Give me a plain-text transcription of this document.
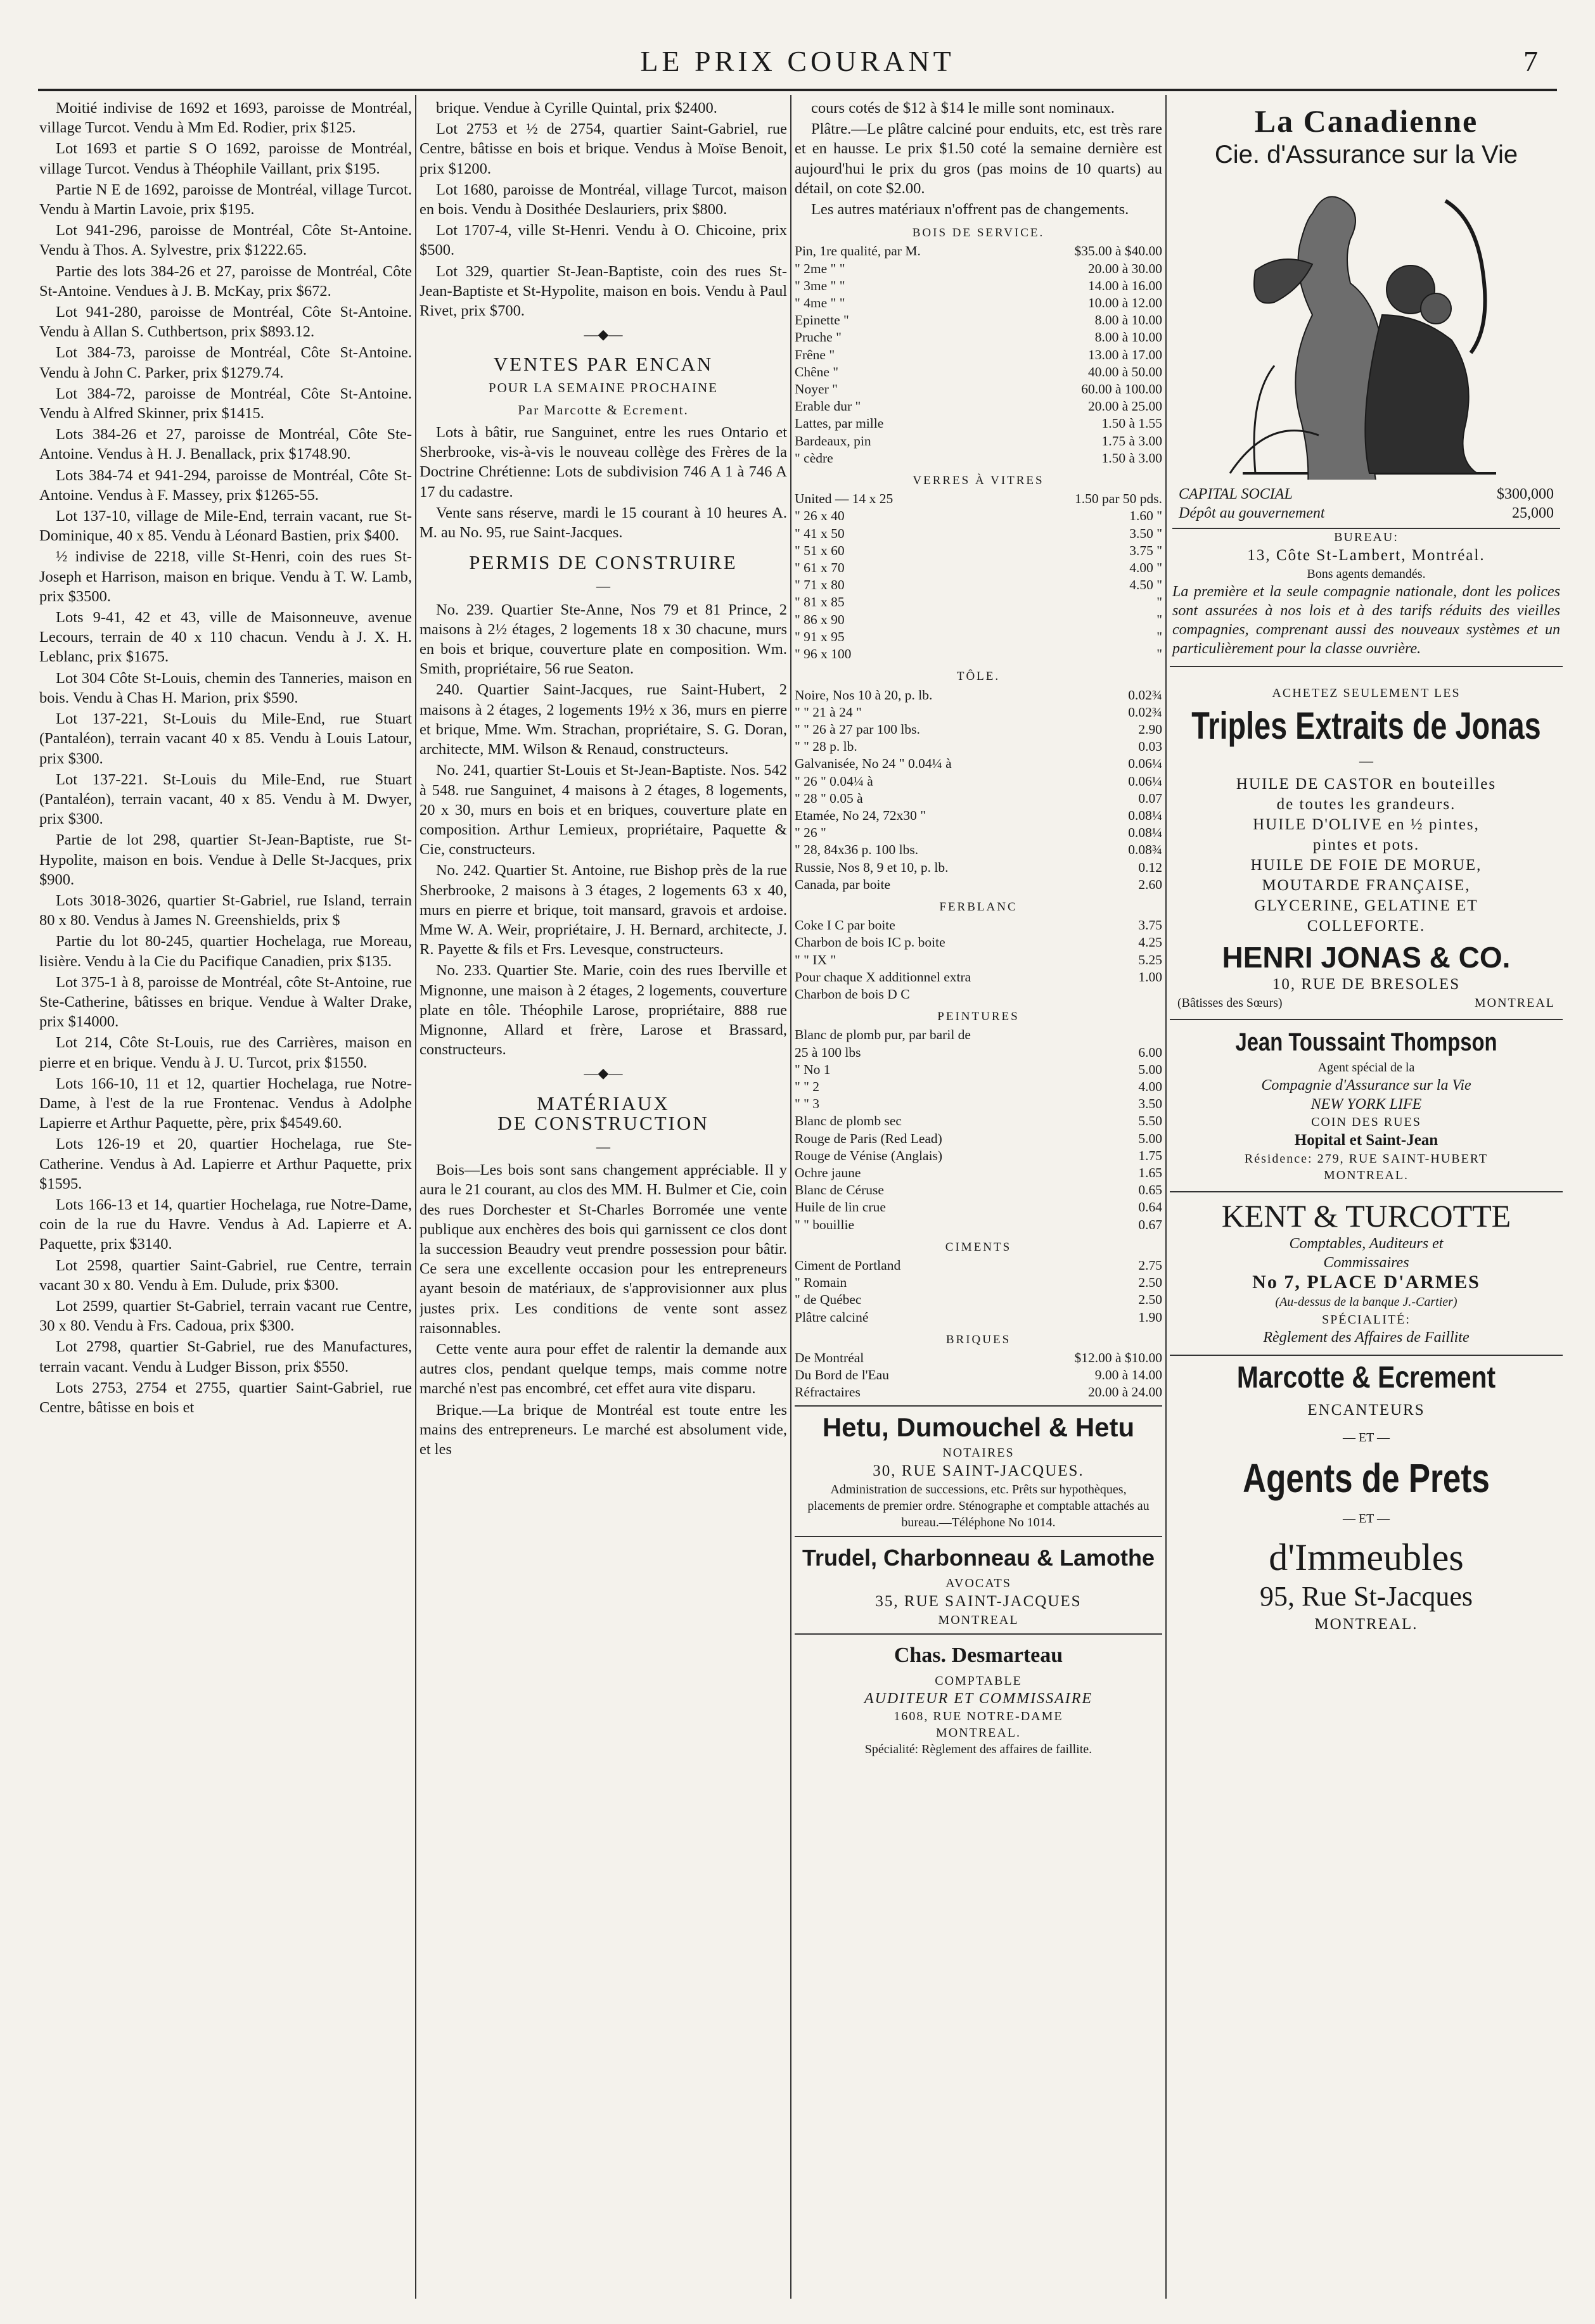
LE PRIX COURANT	7

Moitié indivise de 1692 et 1693, paroisse de Montréal, village Turcot. Vendu à Mm Ed. Rodier, prix $125.

Lot 1693 et partie S O 1692, paroisse de Montréal, village Turcot. Vendus à Théophile Vaillant, prix $195.

Partie N E de 1692, paroisse de Montréal, village Turcot. Vendu à Martin Lavoie, prix $195.

Lot 941-296, paroisse de Montréal, Côte St-Antoine. Vendu à Thos. A. Sylvestre, prix $1222.65.

Partie des lots 384-26 et 27, paroisse de Montréal, Côte St-Antoine. Vendues à J. B. McKay, prix $672.

Lot 941-280, paroisse de Montréal, Côte St-Antoine. Vendu à Allan S. Cuthbertson, prix $893.12.

Lot 384-73, paroisse de Montréal, Côte St-Antoine. Vendu à John C. Parker, prix $1279.74.

Lot 384-72, paroisse de Montréal, Côte St-Antoine. Vendu à Alfred Skinner, prix $1415.

Lots 384-26 et 27, paroisse de Montréal, Côte Ste-Antoine. Vendus à H. J. Benallack, prix $1748.90.

Lots 384-74 et 941-294, paroisse de Montréal, Côte St-Antoine. Vendus à F. Massey, prix $1265-55.

Lot 137-10, village de Mile-End, terrain vacant, rue St-Dominique, 40 x 85. Vendu à Léonard Bastien, prix $400.

½ indivise de 2218, ville St-Henri, coin des rues St-Joseph et Harrison, maison en brique. Vendu à T. W. Lamb, prix $3500.

Lots 9-41, 42 et 43, ville de Maisonneuve, avenue Lecours, terrain de 40 x 110 chacun. Vendu à J. X. H. Leblanc, prix $1675.

Lot 304 Côte St-Louis, chemin des Tanneries, maison en bois. Vendu à Chas H. Marion, prix $590.

Lot 137-221, St-Louis du Mile-End, rue Stuart (Pantaléon), terrain vacant 40 x 85. Vendu à Louis Latour, prix $300.

Lot 137-221. St-Louis du Mile-End, rue Stuart (Pantaléon), terrain vacant, 40 x 85. Vendu à M. Dwyer, prix $300.

Partie de lot 298, quartier St-Jean-Baptiste, rue St-Hypolite, maison en bois. Vendue à Delle St-Jacques, prix $900.

Lots 3018-3026, quartier St-Gabriel, rue Island, terrain 80 x 80. Vendus à James N. Greenshields, prix $

Partie du lot 80-245, quartier Hochelaga, rue Moreau, lisière. Vendu à la Cie du Pacifique Canadien, prix $135.

Lot 375-1 à 8, paroisse de Montréal, côte St-Antoine, rue Ste-Catherine, bâtisses en brique. Vendue à Walter Drake, prix $14000.

Lot 214, Côte St-Louis, rue des Carrières, maison en pierre et en brique. Vendu à J. U. Turcot, prix $1550.

Lots 166-10, 11 et 12, quartier Hochelaga, rue Notre-Dame, à l'est de la rue Frontenac. Vendus à Adolphe Lapierre et Arthur Paquette, père, prix $4549.60.

Lots 126-19 et 20, quartier Hochelaga, rue Ste-Catherine. Vendus à Ad. Lapierre et Arthur Paquette, prix $1595.

Lots 166-13 et 14, quartier Hochelaga, rue Notre-Dame, coin de la rue du Havre. Vendus à Ad. Lapierre et A. Paquette, prix $3140.

Lot 2598, quartier Saint-Gabriel, rue Centre, terrain vacant 30 x 80. Vendu à Em. Dulude, prix $300.

Lot 2599, quartier St-Gabriel, terrain vacant rue Centre, 30 x 80. Vendu à Frs. Cadoua, prix $300.

Lot 2798, quartier St-Gabriel, rue des Manufactures, terrain vacant. Vendu à Ludger Bisson, prix $550.

Lots 2753, 2754 et 2755, quartier Saint-Gabriel, rue Centre, bâtisse en bois et

brique. Vendue à Cyrille Quintal, prix $2400.

Lot 2753 et ½ de 2754, quartier Saint-Gabriel, rue Centre, bâtisse en bois et brique. Vendus à Moïse Benoit, prix $1200.

Lot 1680, paroisse de Montréal, village Turcot, maison en bois. Vendu à Dosithée Deslauriers, prix $800.

Lot 1707-4, ville St-Henri. Vendu à O. Chicoine, prix $500.

Lot 329, quartier St-Jean-Baptiste, coin des rues St-Jean-Baptiste et St-Hypolite, maison en bois. Vendu à Paul Rivet, prix $700.

—◆—
VENTES PAR ENCAN
POUR LA SEMAINE PROCHAINE
Par Marcotte & Ecrement.

Lots à bâtir, rue Sanguinet, entre les rues Ontario et Sherbrooke, vis-à-vis le nouveau collège des Frères de la Doctrine Chrétienne: Lots de subdivision 746 A 1 à 746 A 17 du cadastre.

Vente sans réserve, mardi le 15 courant à 10 heures A. M. au No. 95, rue Saint-Jacques.

PERMIS DE CONSTRUIRE
—

No. 239. Quartier Ste-Anne, Nos 79 et 81 Prince, 2 maisons à 2½ étages, 2 logements 18 x 30 chacune, murs en bois et brique, couverture plate en composition. Wm. Smith, propriétaire, 56 rue Seaton.

240. Quartier Saint-Jacques, rue Saint-Hubert, 2 maisons à 2 étages, 2 logements 19½ x 36, murs en pierre et brique, Mme. Wm. Strachan, propriétaire, S. G. Doran, architecte, MM. Wilson & Renaud, constructeurs.

No. 241, quartier St-Louis et St-Jean-Baptiste. Nos. 542 à 548. rue Sanguinet, 4 maisons à 2 étages, 8 logements, 20 x 30, murs en bois et en briques, couverture plate en composition. Arthur Lemieux, propriétaire, Paquette & Cie, constructeurs.

No. 242. Quartier St. Antoine, rue Bishop près de la rue Sherbrooke, 2 maisons à 3 étages, 2 logements 63 x 40, murs en pierre et brique, toit mansard, gravois et ardoise. Mme W. A. Weir, propriétaire, J. H. Bernard, architecte, J. R. Payette & fils et Frs. Levesque, constructeurs.

No. 233. Quartier Ste. Marie, coin des rues Iberville et Mignonne, une maison à 2 étages, 2 logements, couverture plate en tôle. Théophile Larose, propriétaire, 888 rue Mignonne, Allard et frère, Larose et Brassard, constructeurs.

—◆—
MATÉRIAUX
DE CONSTRUCTION
—

Bois—Les bois sont sans changement appréciable. Il y aura le 21 courant, au clos des MM. H. Bulmer et Cie, coin des rues Dorchester et St-Charles Borromée une vente publique aux enchères des bois qui garnissent ce clos dont la succession Beaudry veut prendre possession pour bâtir. Ce sera une excellente occasion pour les entrepreneurs ayant besoin de matériaux, de s'approvisionner aux plus justes prix. Les conditions de vente sont assez raisonnables.

Cette vente aura pour effet de ralentir la demande aux autres clos, pendant quelque temps, mais comme notre marché n'est pas encombré, cet effet aura vite disparu.

Brique.—La brique de Montréal est toute entre les mains des entrepreneurs. Le marché est absolument vide, et les

cours cotés de $12 à $14 le mille sont nominaux.

Plâtre.—Le plâtre calciné pour enduits, etc, est très rare et en hausse. Le prix $1.50 coté la semaine dernière est aujourd'hui le prix du gros (pas moins de 10 quarts) au détail, on cote $2.00.

Les autres matériaux n'offrent pas de changements.

BOIS DE SERVICE.
Pin, 1re qualité, par M.	$35.00 à $40.00
" 2me " "	20.00 à 30.00
" 3me " "	14.00 à 16.00
" 4me " "	10.00 à 12.00
Epinette "	8.00 à 10.00
Pruche "	8.00 à 10.00
Frêne "	13.00 à 17.00
Chêne "	40.00 à 50.00
Noyer "	60.00 à 100.00
Erable dur "	20.00 à 25.00
Lattes, par mille	1.50 à 1.55
Bardeaux, pin	1.75 à 3.00
" cèdre	1.50 à 3.00
VERRES À VITRES
United — 14 x 25	1.50 par 50 pds.
" 26 x 40	1.60 "
" 41 x 50	3.50 "
" 51 x 60	3.75 "
" 61 x 70	4.00 "
" 71 x 80	4.50 "
" 81 x 85	"
" 86 x 90	"
" 91 x 95	"
" 96 x 100	"
TÔLE.
Noire, Nos 10 à 20, p. lb.	0.02¾
" " 21 à 24 "	0.02¾
" " 26 à 27 par 100 lbs.	2.90
" " 28 p. lb.	0.03
Galvanisée, No 24 " 0.04¼ à	0.06¼
" 26 " 0.04¼ à	0.06¼
" 28 " 0.05 à	0.07
Etamée, No 24, 72x30 "	0.08¼
" 26 "	0.08¼
" 28, 84x36 p. 100 lbs.	0.08¾
Russie, Nos 8, 9 et 10, p. lb.	0.12
Canada, par boite	2.60
FERBLANC
Coke I C par boite	3.75
Charbon de bois IC p. boite	4.25
" " IX "	5.25
Pour chaque X additionnel extra	1.00
Charbon de bois D C
PEINTURES
Blanc de plomb pur, par baril de
25 à 100 lbs	6.00
" No 1	5.00
" " 2	4.00
" " 3	3.50
Blanc de plomb sec	5.50
Rouge de Paris (Red Lead)	5.00
Rouge de Vénise (Anglais)	1.75
Ochre jaune	1.65
Blanc de Céruse	0.65
Huile de lin crue	0.64
" " bouillie	0.67
CIMENTS
Ciment de Portland	2.75
" Romain	2.50
" de Québec	2.50
Plâtre calciné	1.90
BRIQUES
De Montréal	$12.00 à $10.00
Du Bord de l'Eau	9.00 à 14.00
Réfractaires	20.00 à 24.00
Hetu, Dumouchel & Hetu
NOTAIRES
30, RUE SAINT-JACQUES.
Administration de successions, etc. Prêts sur hypothèques, placements de premier ordre. Sténographe et comptable attachés au bureau.—Téléphone No 1014.
Trudel, Charbonneau & Lamothe
AVOCATS
35, RUE SAINT-JACQUES
MONTREAL
Chas. Desmarteau
COMPTABLE
AUDITEUR ET COMMISSAIRE
1608, RUE NOTRE-DAME
MONTREAL.
Spécialité: Règlement des affaires de faillite.
La Canadienne
Cie. d'Assurance sur la Vie
CAPITAL SOCIAL	$300,000
Dépôt au gouvernement	25,000
BUREAU:
13, Côte St-Lambert, Montréal.
Bons agents demandés.
La première et la seule compagnie nationale, dont les polices sont assurées à nos lois et à des tarifs réduits des vieilles compagnies, comprenant aussi des nouveaux systèmes et un particulièrement pour la classe ouvrière.
ACHETEZ SEULEMENT LES
Triples Extraits de Jonas
—
HUILE DE CASTOR en bouteilles
de toutes les grandeurs.
HUILE D'OLIVE en ½ pintes,
pintes et pots.
HUILE DE FOIE DE MORUE,
MOUTARDE FRANÇAISE,
GLYCERINE, GELATINE ET
COLLEFORTE.
HENRI JONAS & CO.
10, RUE DE BRESOLES
(Bâtisses des Sœurs)	MONTREAL
Jean Toussaint Thompson
Agent spécial de la
Compagnie d'Assurance sur la Vie
NEW YORK LIFE
COIN DES RUES
Hopital et Saint-Jean
Résidence: 279, RUE SAINT-HUBERT
MONTREAL.
KENT & TURCOTTE
Comptables, Auditeurs et
Commissaires
No 7, PLACE D'ARMES
(Au-dessus de la banque J.-Cartier)
SPÉCIALITÉ:
Règlement des Affaires de Faillite
Marcotte & Ecrement
ENCANTEURS
— ET —
Agents de Prets
— ET —
d'Immeubles
95, Rue St-Jacques
MONTREAL.
